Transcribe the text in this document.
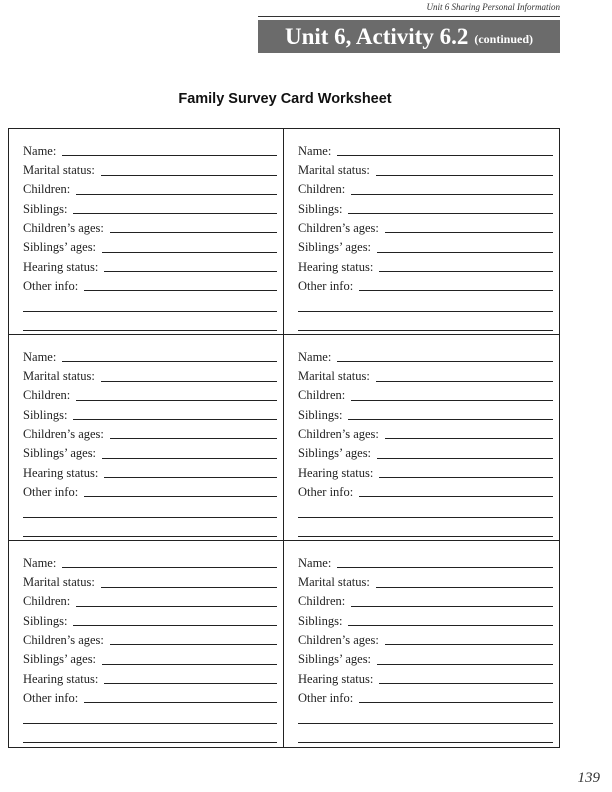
Unit 6 Sharing Personal Information
Unit 6, Activity 6.2 (continued)
Family Survey Card Worksheet
Name:
Marital status:
Children:
Siblings:
Children’s ages:
Siblings’ ages:
Hearing status:
Other info:
Name:
Marital status:
Children:
Siblings:
Children’s ages:
Siblings’ ages:
Hearing status:
Other info:
Name:
Marital status:
Children:
Siblings:
Children’s ages:
Siblings’ ages:
Hearing status:
Other info:
Name:
Marital status:
Children:
Siblings:
Children’s ages:
Siblings’ ages:
Hearing status:
Other info:
Name:
Marital status:
Children:
Siblings:
Children’s ages:
Siblings’ ages:
Hearing status:
Other info:
Name:
Marital status:
Children:
Siblings:
Children’s ages:
Siblings’ ages:
Hearing status:
Other info:
139
